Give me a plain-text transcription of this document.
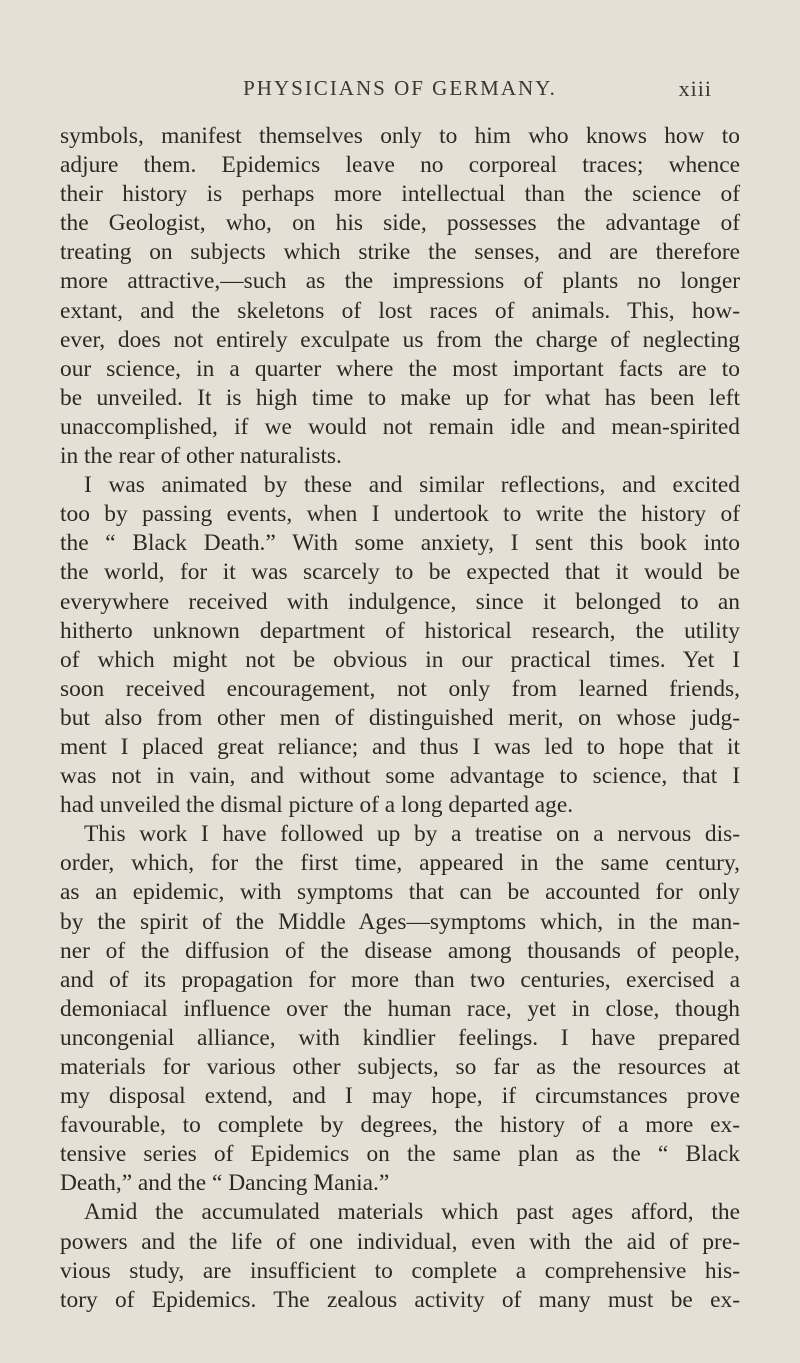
PHYSICIANS OF GERMANY.	xiii
symbols, manifest themselves only to him who knows how to
adjure them. Epidemics leave no corporeal traces; whence
their history is perhaps more intellectual than the science of
the Geologist, who, on his side, possesses the advantage of
treating on subjects which strike the senses, and are therefore
more attractive,—such as the impressions of plants no longer
extant, and the skeletons of lost races of animals. This, how-
ever, does not entirely exculpate us from the charge of neglecting
our science, in a quarter where the most important facts are to
be unveiled. It is high time to make up for what has been left
unaccomplished, if we would not remain idle and mean-spirited
in the rear of other naturalists.
I was animated by these and similar reflections, and excited
too by passing events, when I undertook to write the history of
the “ Black Death.” With some anxiety, I sent this book into
the world, for it was scarcely to be expected that it would be
everywhere received with indulgence, since it belonged to an
hitherto unknown department of historical research, the utility
of which might not be obvious in our practical times. Yet I
soon received encouragement, not only from learned friends,
but also from other men of distinguished merit, on whose judg-
ment I placed great reliance; and thus I was led to hope that it
was not in vain, and without some advantage to science, that I
had unveiled the dismal picture of a long departed age.
This work I have followed up by a treatise on a nervous dis-
order, which, for the first time, appeared in the same century,
as an epidemic, with symptoms that can be accounted for only
by the spirit of the Middle Ages—symptoms which, in the man-
ner of the diffusion of the disease among thousands of people,
and of its propagation for more than two centuries, exercised a
demoniacal influence over the human race, yet in close, though
uncongenial alliance, with kindlier feelings. I have prepared
materials for various other subjects, so far as the resources at
my disposal extend, and I may hope, if circumstances prove
favourable, to complete by degrees, the history of a more ex-
tensive series of Epidemics on the same plan as the “ Black
Death,” and the “ Dancing Mania.”
Amid the accumulated materials which past ages afford, the
powers and the life of one individual, even with the aid of pre-
vious study, are insufficient to complete a comprehensive his-
tory of Epidemics. The zealous activity of many must be ex-
